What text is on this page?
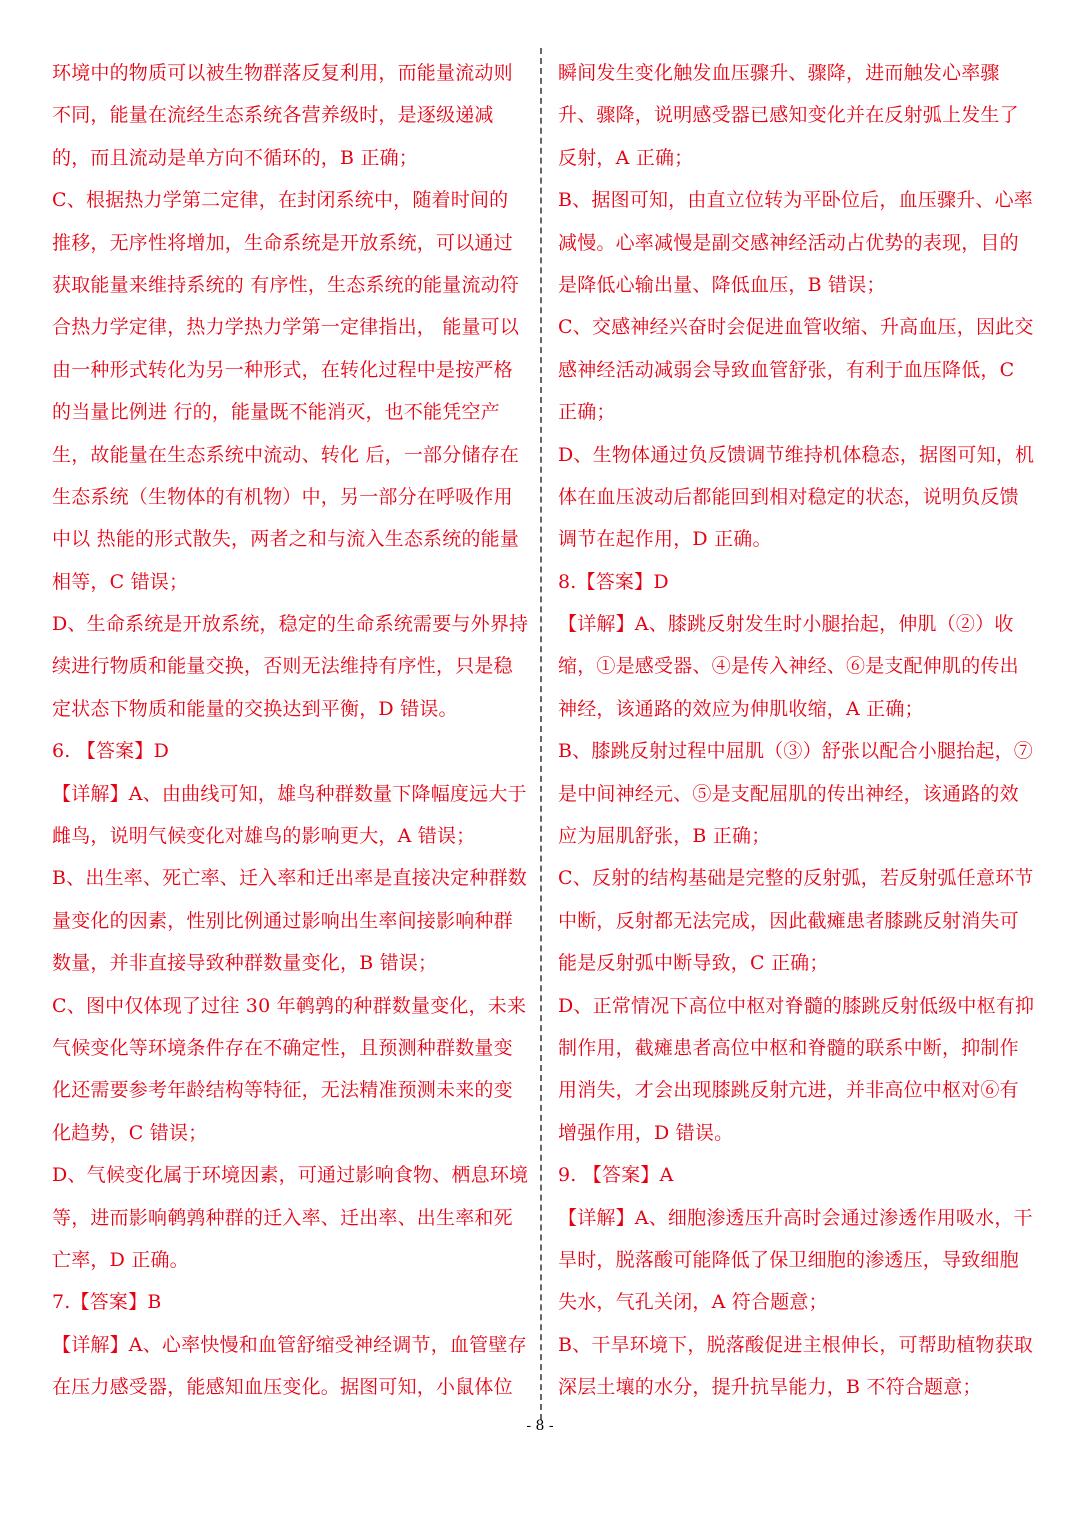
环境中的物质可以被生物群落反复利用，而能量流动则
不同，能量在流经生态系统各营养级时，是逐级递减
的，而且流动是单方向不循环的，B 正确；
C、根据热力学第二定律，在封闭系统中，随着时间的
推移，无序性将增加，生命系统是开放系统，可以通过
获取能量来维持系统的 有序性，生态系统的能量流动符
合热力学定律，热力学热力学第一定律指出， 能量可以
由一种形式转化为另一种形式，在转化过程中是按严格
的当量比例进 行的，能量既不能消灭，也不能凭空产
生，故能量在生态系统中流动、转化 后，一部分储存在
生态系统（生物体的有机物）中，另一部分在呼吸作用
中以 热能的形式散失，两者之和与流入生态系统的能量
相等，C 错误；
D、生命系统是开放系统，稳定的生命系统需要与外界持
续进行物质和能量交换，否则无法维持有序性，只是稳
定状态下物质和能量的交换达到平衡，D 错误。
6. 【答案】D
【详解】A、由曲线可知，雄鸟种群数量下降幅度远大于
雌鸟，说明气候变化对雄鸟的影响更大，A 错误；
B、出生率、死亡率、迁入率和迁出率是直接决定种群数
量变化的因素，性别比例通过影响出生率间接影响种群
数量，并非直接导致种群数量变化，B 错误；
C、图中仅体现了过往 30 年鹌鹑的种群数量变化，未来
气候变化等环境条件存在不确定性，且预测种群数量变
化还需要参考年龄结构等特征，无法精准预测未来的变
化趋势，C 错误；
D、气候变化属于环境因素，可通过影响食物、栖息环境
等，进而影响鹌鹑种群的迁入率、迁出率、出生率和死
亡率，D 正确。
7.【答案】B
【详解】A、心率快慢和血管舒缩受神经调节，血管壁存
在压力感受器，能感知血压变化。据图可知，小鼠体位
瞬间发生变化触发血压骤升、骤降，进而触发心率骤
升、骤降，说明感受器已感知变化并在反射弧上发生了
反射，A 正确；
B、据图可知，由直立位转为平卧位后，血压骤升、心率
减慢。心率减慢是副交感神经活动占优势的表现，目的
是降低心输出量、降低血压，B 错误；
C、交感神经兴奋时会促进血管收缩、升高血压，因此交
感神经活动减弱会导致血管舒张，有利于血压降低，C
正确；
D、生物体通过负反馈调节维持机体稳态，据图可知，机
体在血压波动后都能回到相对稳定的状态，说明负反馈
调节在起作用，D 正确。
8.【答案】D
【详解】A、膝跳反射发生时小腿抬起，伸肌（②）收
缩，①是感受器、④是传入神经、⑥是支配伸肌的传出
神经，该通路的效应为伸肌收缩，A 正确；
B、膝跳反射过程中屈肌（③）舒张以配合小腿抬起，⑦
是中间神经元、⑤是支配屈肌的传出神经，该通路的效
应为屈肌舒张，B 正确；
C、反射的结构基础是完整的反射弧，若反射弧任意环节
中断，反射都无法完成，因此截瘫患者膝跳反射消失可
能是反射弧中断导致，C 正确；
D、正常情况下高位中枢对脊髓的膝跳反射低级中枢有抑
制作用，截瘫患者高位中枢和脊髓的联系中断，抑制作
用消失，才会出现膝跳反射亢进，并非高位中枢对⑥有
增强作用，D 错误。
9. 【答案】A
【详解】A、细胞渗透压升高时会通过渗透作用吸水，干
旱时，脱落酸可能降低了保卫细胞的渗透压，导致细胞
失水，气孔关闭，A 符合题意；
B、干旱环境下，脱落酸促进主根伸长，可帮助植物获取
深层土壤的水分，提升抗旱能力，B 不符合题意；
- 8 -
